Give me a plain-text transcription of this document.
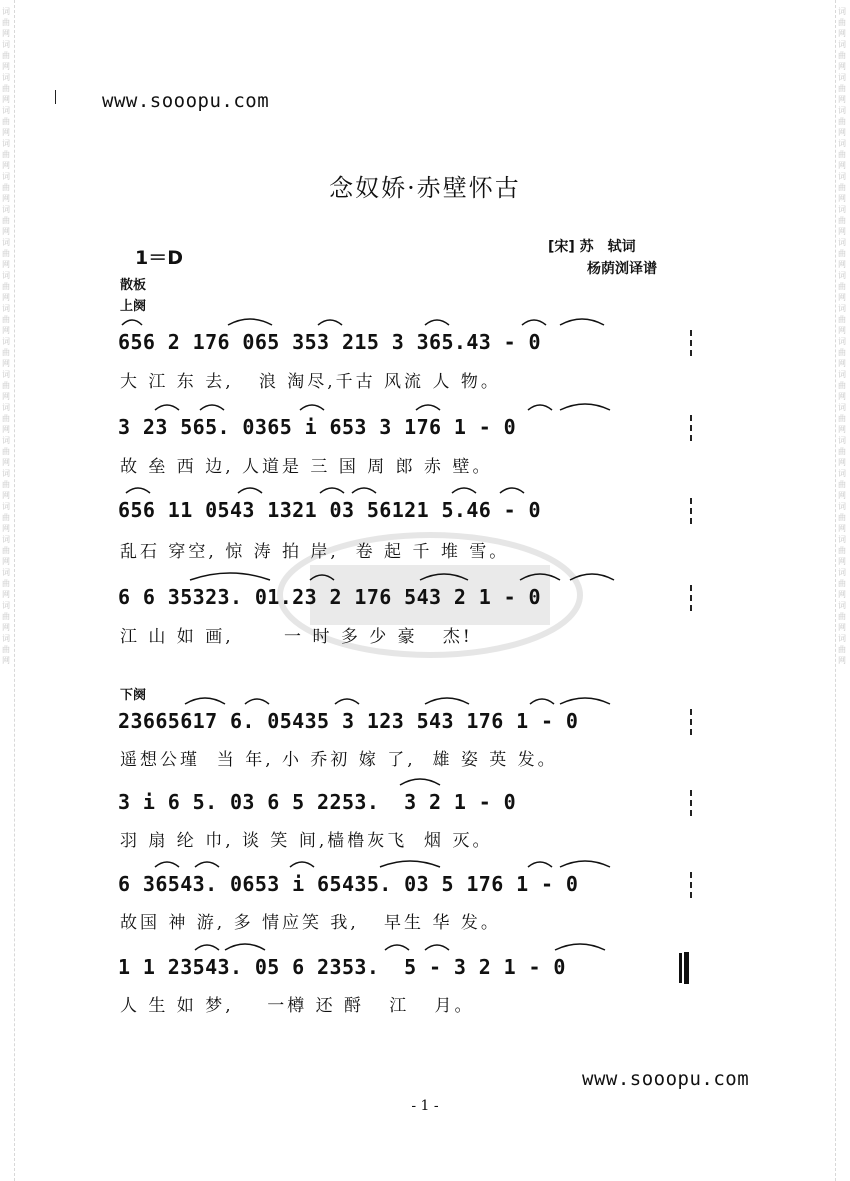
词曲网词曲网词曲网词曲网词曲网词曲网词曲网词曲网词曲网词曲网词曲网词曲网词曲网词曲网词曲网词曲网词曲网词曲网词曲网词曲网
词曲网词曲网词曲网词曲网词曲网词曲网词曲网词曲网词曲网词曲网词曲网词曲网词曲网词曲网词曲网词曲网词曲网词曲网词曲网词曲网
www.sooopu.com
念奴娇·赤壁怀古
1＝D
散板
[宋] 苏　轼词
杨荫浏译谱
上阕
下阕
656 2 176 065 353 215 3 365.43 - 0
大 江 东 去,   浪 淘尽,千古 风流 人 物。
3 23 565. 0365 i 653 3 176 1 - 0
故 垒 西 边, 人道是 三 国 周 郎 赤 壁。
656 11 0543 1321 03 56121 5.46 - 0
乱石 穿空, 惊 涛 拍 岸,  卷 起 千 堆 雪。
6 6 35323. 01.23 2 176 543 2 1 - 0
江 山 如 画,      一 时 多 少 豪   杰!
23665617 6. 05435 3 123 543 176 1 - 0
遥想公瑾  当 年, 小 乔初 嫁 了,  雄 姿 英 发。
3 i 6 5. 03 6 5 2253.  3 2 1 - 0
羽 扇 纶 巾, 谈 笑 间,樯橹灰飞  烟 灭。
6 36543. 0653 i 65435. 03 5 176 1 - 0
故国 神 游, 多 情应笑 我,   早生 华 发。
1 1 23543. 05 6 2353.  5 - 3 2 1 - 0
人 生 如 梦,    一樽 还 酹   江   月。
www.sooopu.com
- 1 -
